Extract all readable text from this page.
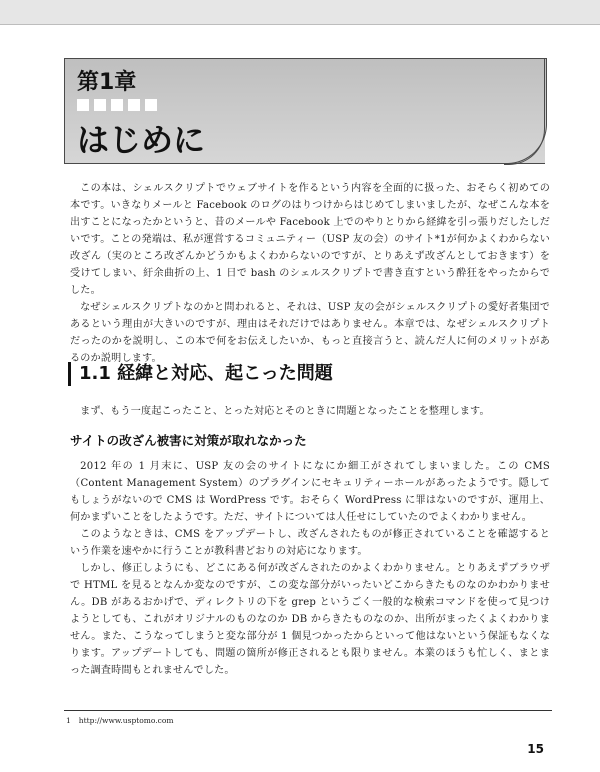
第1章
はじめに

この本は、シェルスクリプトでウェブサイトを作るという内容を全面的に扱った、おそらく初めての本です。いきなりメールと Facebook のログのはりつけからはじめてしまいましたが、なぜこんな本を出すことになったかというと、昔のメールや Facebook 上でのやりとりから経緯を引っ張りだしたしだいです。ことの発端は、私が運営するコミュニティー（USP 友の会）のサイト*1が何かよくわからない改ざん（実のところ改ざんかどうかもよくわからないのですが、とりあえず改ざんとしておきます）を受けてしまい、紆余曲折の上、1 日で bash のシェルスクリプトで書き直すという酔狂をやったからでした。

なぜシェルスクリプトなのかと問われると、それは、USP 友の会がシェルスクリプトの愛好者集団であるという理由が大きいのですが、理由はそれだけではありません。本章では、なぜシェルスクリプトだったのかを説明し、この本で何をお伝えしたいか、もっと直接言うと、読んだ人に何のメリットがあるのか説明します。

1.1 経緯と対応、起こった問題

まず、もう一度起こったこと、とった対応とそのときに問題となったことを整理します。

サイトの改ざん被害に対策が取れなかった

2012 年の 1 月末に、USP 友の会のサイトになにか細工がされてしまいました。この CMS（Content Management System）のプラグインにセキュリティーホールがあったようです。隠してもしょうがないので CMS は WordPress です。おそらく WordPress に罪はないのですが、運用上、何かまずいことをしたようです。ただ、サイトについては人任せにしていたのでよくわかりません。

このようなときは、CMS をアップデートし、改ざんされたものが修正されていることを確認するという作業を速やかに行うことが教科書どおりの対応になります。

しかし、修正しようにも、どこにある何が改ざんされたのかよくわかりません。とりあえずブラウザで HTML を見るとなんか変なのですが、この変な部分がいったいどこからきたものなのかわかりません。DB があるおかげで、ディレクトリの下を grep というごく一般的な検索コマンドを使って見つけようとしても、これがオリジナルのものなのか DB からきたものなのか、出所がまったくよくわかりません。また、こうなってしまうと変な部分が 1 個見つかったからといって他はないという保証もなくなります。アップデートしても、問題の箇所が修正されるとも限りません。本業のほうも忙しく、まとまった調査時間もとれませんでした。

1 http://www.usptomo.com
15
